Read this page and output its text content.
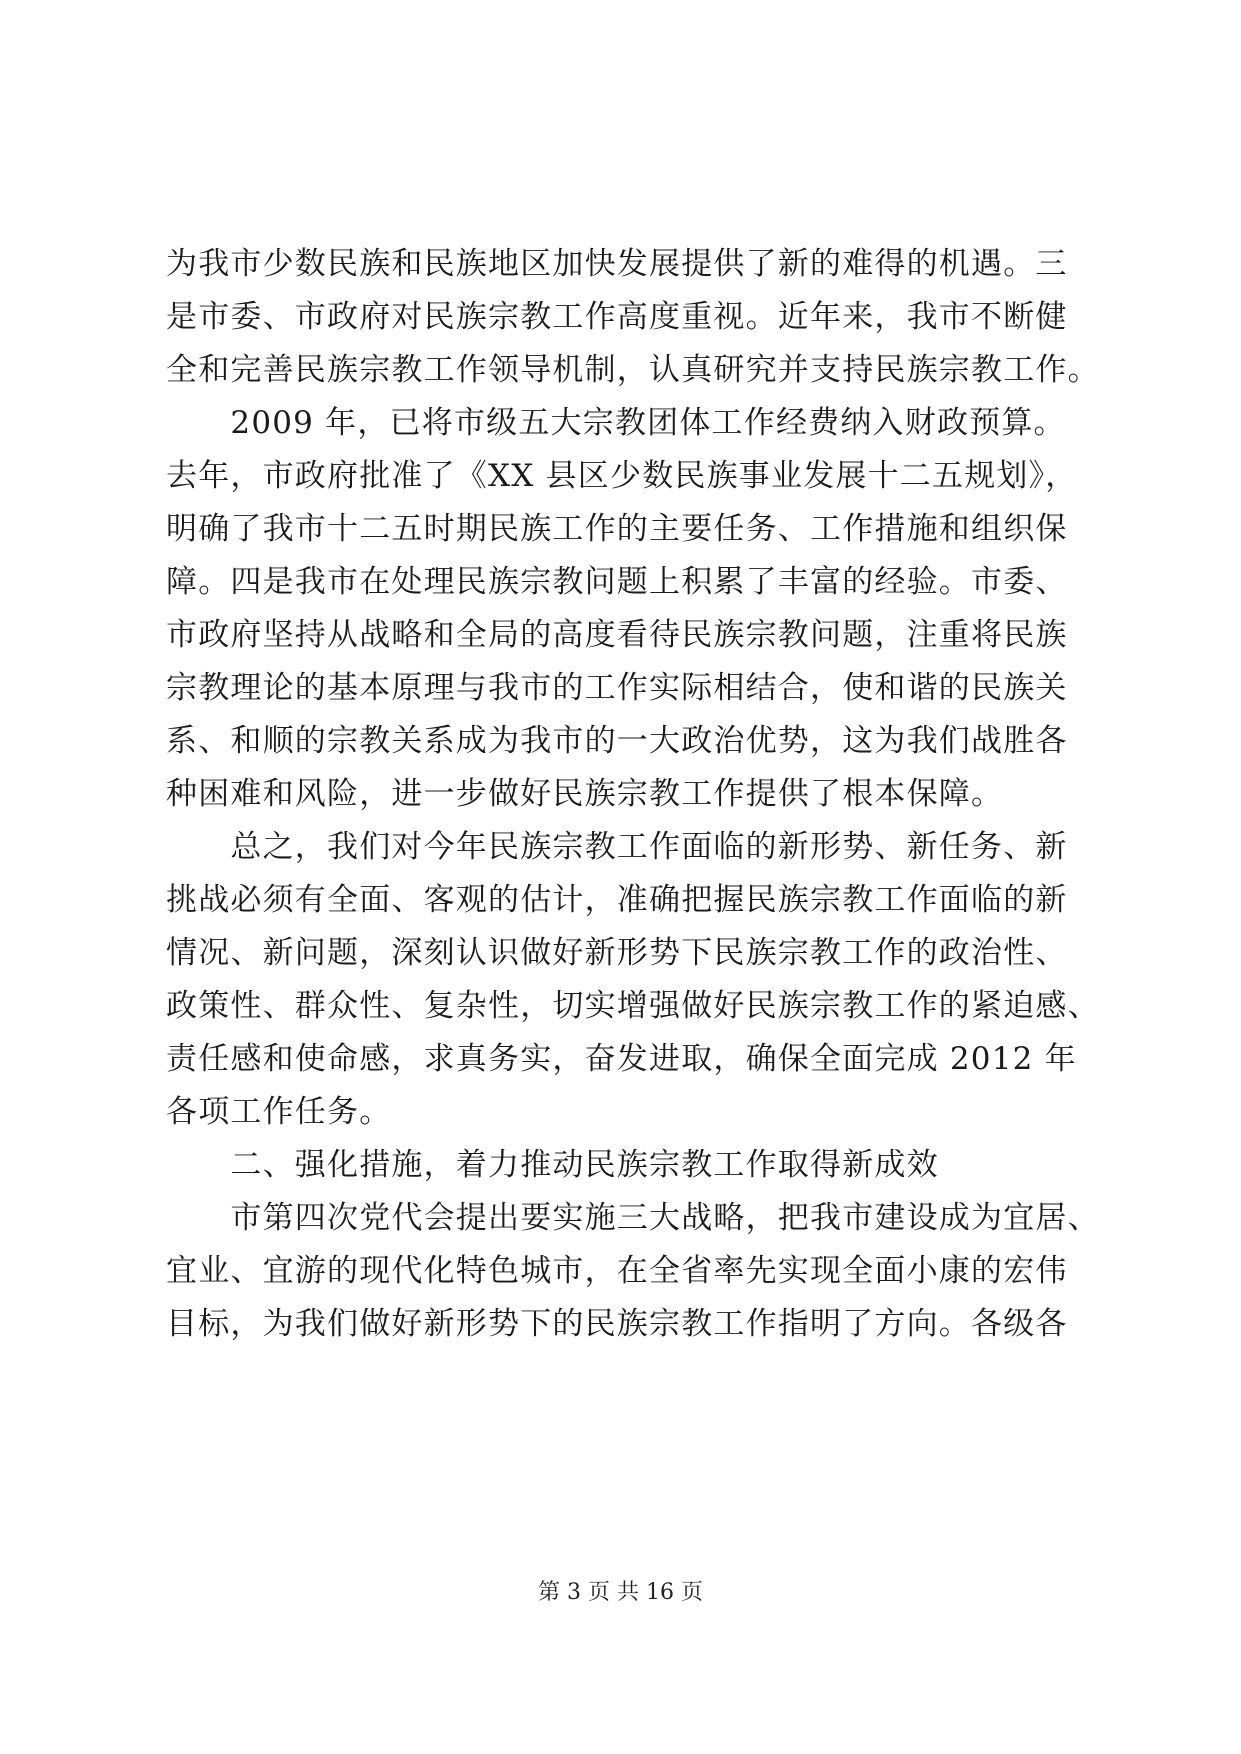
为我市少数民族和民族地区加快发展提供了新的难得的机遇。三
是市委、市政府对民族宗教工作高度重视。近年来，我市不断健
全和完善民族宗教工作领导机制，认真研究并支持民族宗教工作。
　　2009 年，已将市级五大宗教团体工作经费纳入财政预算。
去年，市政府批准了《XX 县区少数民族事业发展十二五规划》，
明确了我市十二五时期民族工作的主要任务、工作措施和组织保
障。四是我市在处理民族宗教问题上积累了丰富的经验。市委、
市政府坚持从战略和全局的高度看待民族宗教问题，注重将民族
宗教理论的基本原理与我市的工作实际相结合，使和谐的民族关
系、和顺的宗教关系成为我市的一大政治优势，这为我们战胜各
种困难和风险，进一步做好民族宗教工作提供了根本保障。
　　总之，我们对今年民族宗教工作面临的新形势、新任务、新
挑战必须有全面、客观的估计，准确把握民族宗教工作面临的新
情况、新问题，深刻认识做好新形势下民族宗教工作的政治性、
政策性、群众性、复杂性，切实增强做好民族宗教工作的紧迫感、
责任感和使命感，求真务实，奋发进取，确保全面完成 2012 年
各项工作任务。
　　二、强化措施，着力推动民族宗教工作取得新成效
　　市第四次党代会提出要实施三大战略，把我市建设成为宜居、
宜业、宜游的现代化特色城市，在全省率先实现全面小康的宏伟
目标，为我们做好新形势下的民族宗教工作指明了方向。各级各
第 3 页 共 16 页
